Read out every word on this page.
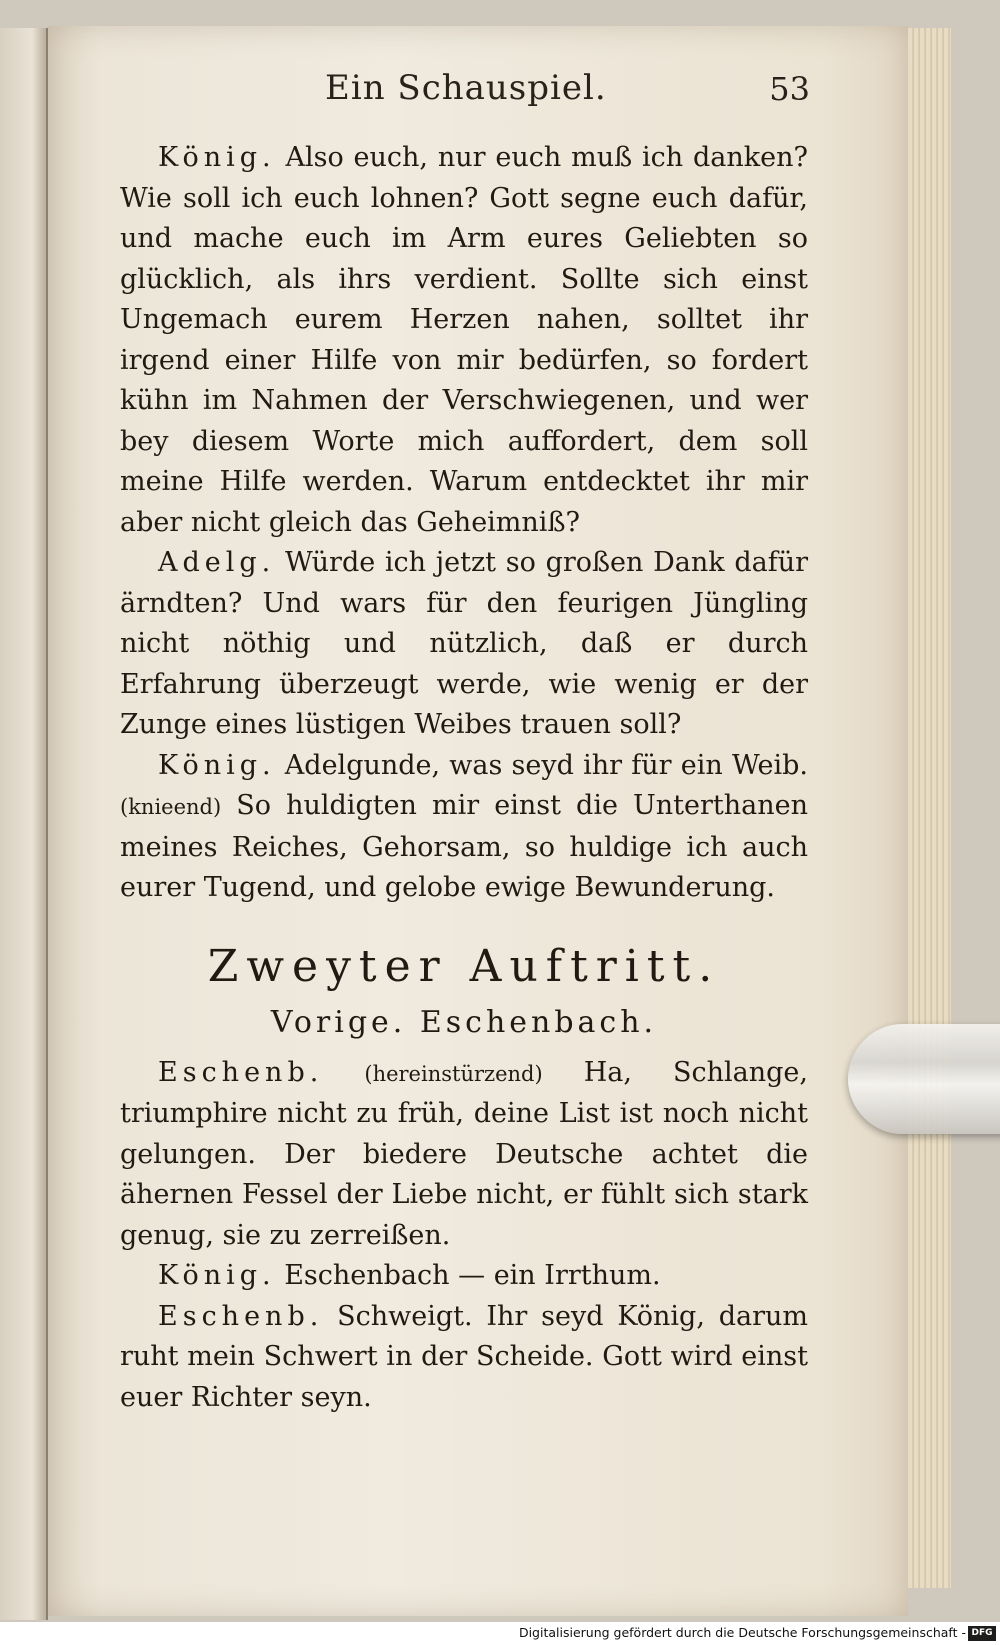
Ein Schauspiel.	53

König. Also euch, nur euch muß ich danken? Wie soll ich euch lohnen? Gott segne euch dafür, und mache euch im Arm eures Geliebten so glücklich, als ihrs verdient. Sollte sich einst Ungemach eurem Herzen nahen, solltet ihr irgend einer Hilfe von mir bedürfen, so fordert kühn im Nahmen der Verschwiegenen, und wer bey diesem Worte mich auffordert, dem soll meine Hilfe werden. Warum entdecktet ihr mir aber nicht gleich das Geheimniß?

Adelg. Würde ich jetzt so großen Dank dafür ärndten? Und wars für den feurigen Jüngling nicht nöthig und nützlich, daß er durch Erfahrung überzeugt werde, wie wenig er der Zunge eines lüstigen Weibes trauen soll?

König. Adelgunde, was seyd ihr für ein Weib. (knieend) So huldigten mir einst die Unterthanen meines Reiches, Gehorsam, so huldige ich auch eurer Tugend, und gelobe ewige Bewunderung.

Zweyter Auftritt.
Vorige. Eschenbach.

Eschenb. (hereinstürzend) Ha, Schlange, triumphire nicht zu früh, deine List ist noch nicht gelungen. Der biedere Deutsche achtet die ähernen Fessel der Liebe nicht, er fühlt sich stark genug, sie zu zerreißen.

König. Eschenbach — ein Irrthum.

Eschenb. Schweigt. Ihr seyd König, darum ruht mein Schwert in der Scheide. Gott wird einst euer Richter seyn.

Digitalisierung gefördert durch die Deutsche Forschungsgemeinschaft - DFG
